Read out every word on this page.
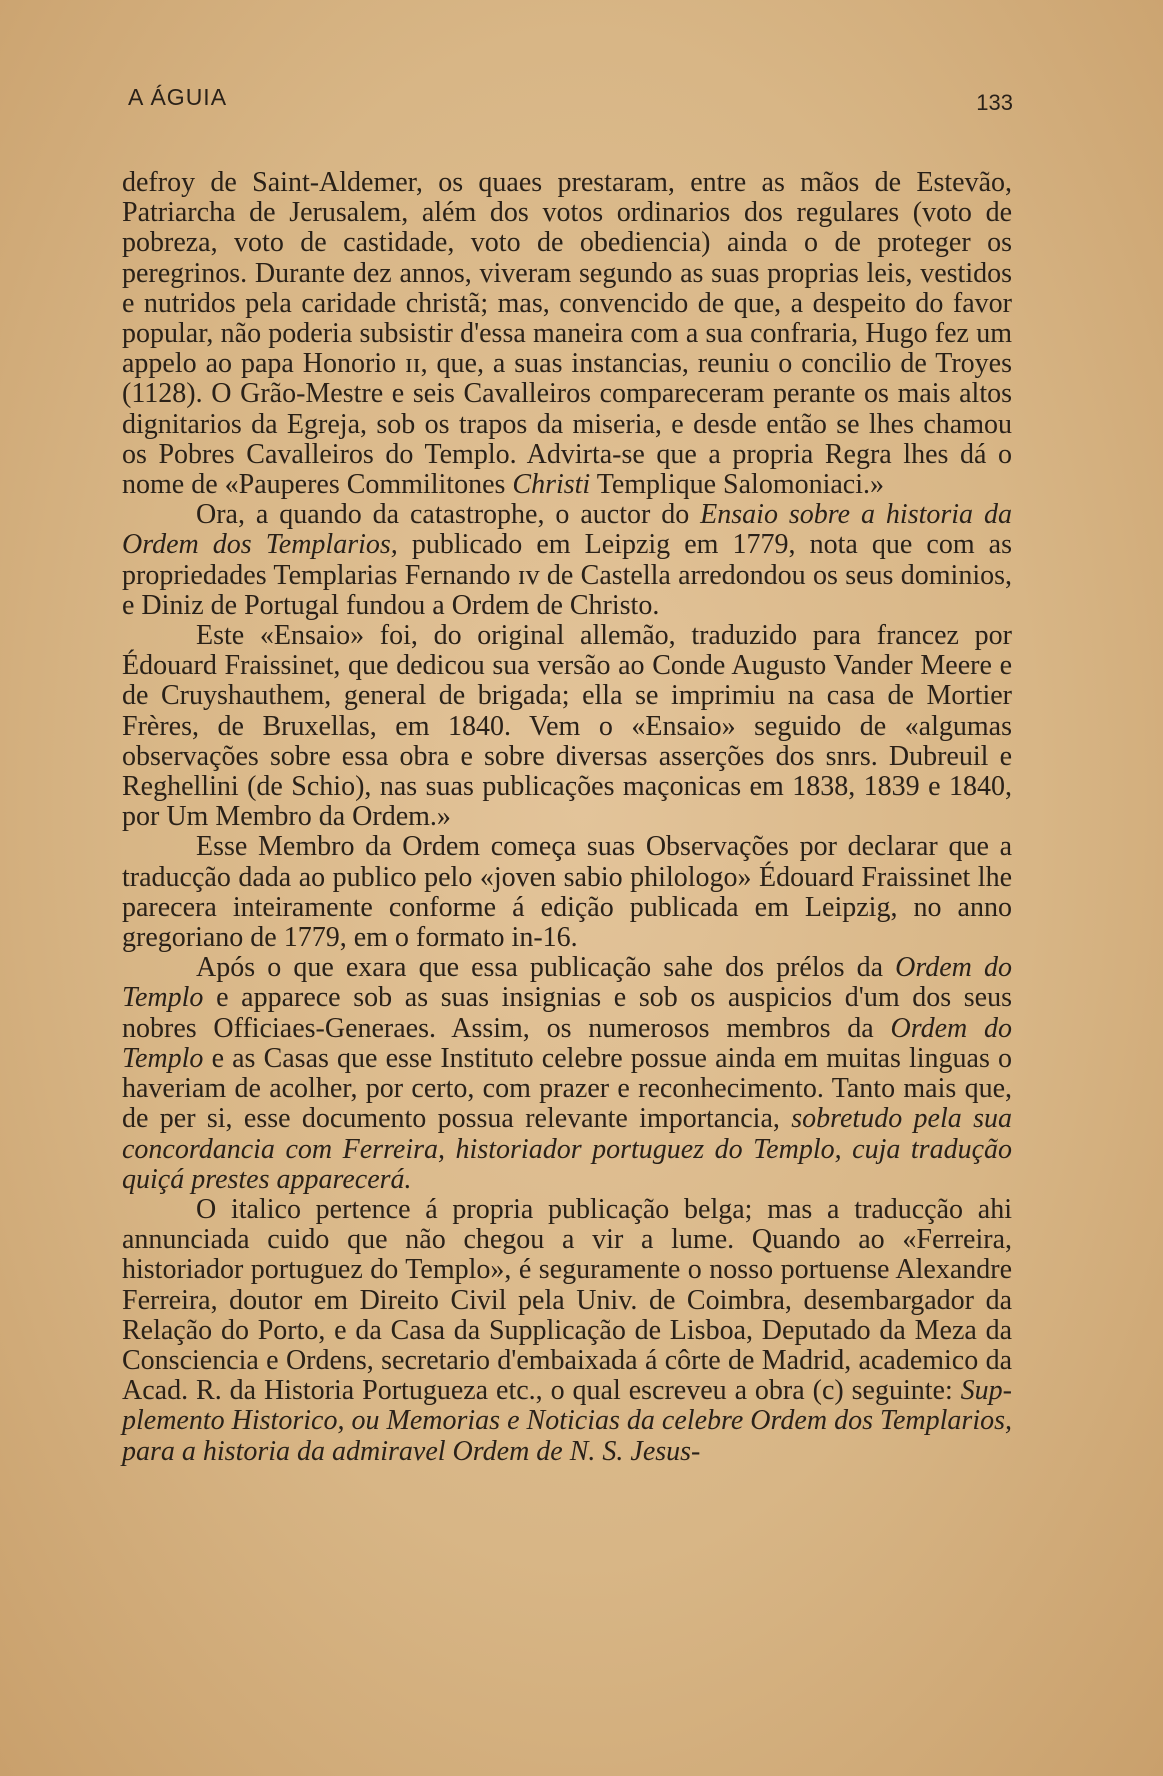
A ÁGUIA	133

defroy de Saint-Aldemer, os quaes prestaram, entre as mãos de Estevão, Patriarcha de Jerusalem, além dos votos ordinarios dos regulares (voto de pobreza, voto de castidade, voto de obediencia) ainda o de proteger os peregrinos. Durante dez annos, viveram segundo as suas proprias leis, vestidos e nutridos pela caridade christã; mas, convencido de que, a despeito do favor popular, não poderia subsistir d'essa maneira com a sua confraria, Hugo fez um appelo ao papa Honorio ɪɪ, que, a suas instancias, reuniu o concilio de Troyes (1128). O Grão-Mestre e seis Cavalleiros compareceram perante os mais altos dignitarios da Egreja, sob os trapos da miseria, e desde então se lhes chamou os Pobres Cavalleiros do Templo. Advirta-se que a propria Regra lhes dá o nome de «Pauperes Commilitones Christi Templique Salomoniaci.»

Ora, a quando da catastrophe, o auctor do Ensaio sobre a historia da Ordem dos Templarios, publicado em Leipzig em 1779, nota que com as propriedades Templarias Fernando ɪᴠ de Castella arredondou os seus dominios, e Diniz de Portugal fundou a Ordem de Christo.

Este «Ensaio» foi, do original allemão, traduzido para francez por Édouard Fraissinet, que dedicou sua versão ao Conde Augusto Vander Meere e de Cruyshauthem, general de brigada; ella se imprimiu na casa de Mortier Frères, de Bruxellas, em 1840. Vem o «Ensaio» seguido de «algumas observações sobre essa obra e sobre diversas asserções dos snrs. Dubreuil e Reghellini (de Schio), nas suas publicações maçonicas em 1838, 1839 e 1840, por Um Membro da Ordem.»

Esse Membro da Ordem começa suas Observações por declarar que a traducção dada ao publico pelo «joven sabio philologo» Édouard Fraissinet lhe parecera inteiramente conforme á edição publicada em Leipzig, no anno gregoriano de 1779, em o formato in-16.

Após o que exara que essa publicação sahe dos prélos da Ordem do Templo e apparece sob as suas insignias e sob os auspicios d'um dos seus nobres Officiaes-Generaes. Assim, os numerosos membros da Ordem do Templo e as Casas que esse Instituto celebre possue ainda em muitas linguas o haveriam de acolher, por certo, com prazer e reconhecimento. Tanto mais que, de per si, esse documento possua relevante importancia, sobretudo pela sua concordancia com Ferreira, historiador portuguez do Templo, cuja tradução quiçá prestes apparecerá.

O italico pertence á propria publicação belga; mas a traducção ahi annunciada cuido que não chegou a vir a lume. Quando ao «Ferreira, historiador portuguez do Templo», é seguramente o nosso portuense Alexandre Ferreira, doutor em Direito Civil pela Univ. de Coimbra, desembargador da Relação do Porto, e da Casa da Supplicação de Lisboa, Deputado da Meza da Consciencia e Ordens, secretario d'embaixada á côrte de Madrid, academico da Acad. R. da Historia Portugueza etc., o qual escreveu a obra (c) seguinte: Supplemento Historico, ou Memorias e Noticias da celebre Ordem dos Templarios, para a historia da admiravel Ordem de N. S. Jesus-
